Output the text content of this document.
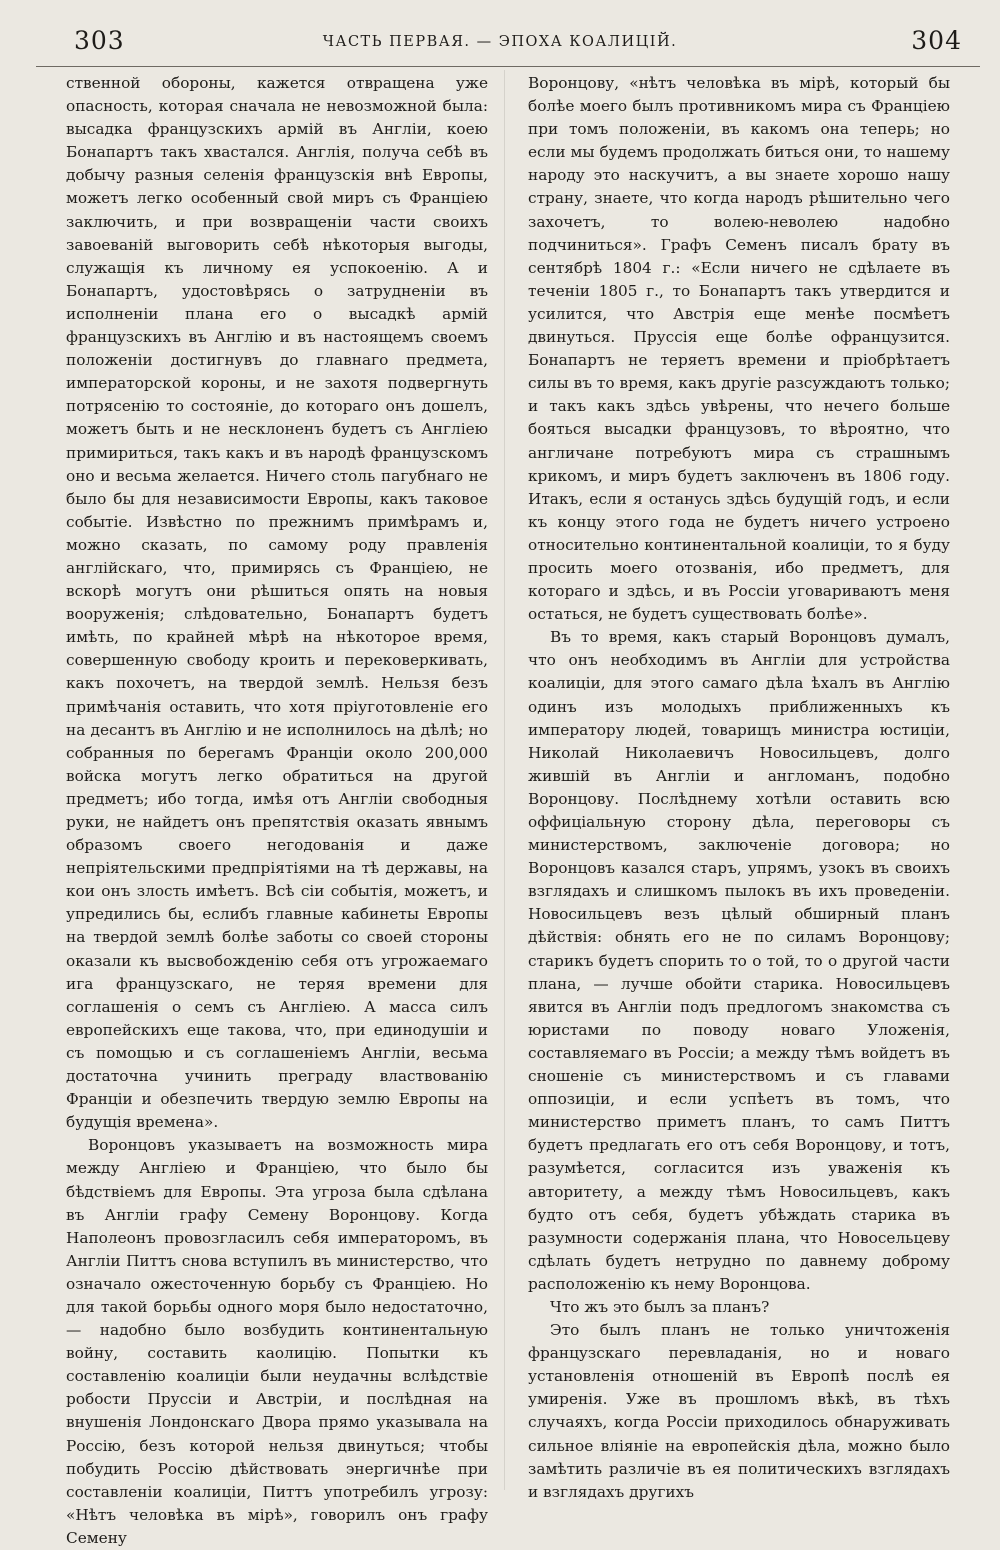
303	ЧАСТЬ ПЕРВАЯ. — ЭПОХА КОАЛИЦІЙ.	304

ственной обороны, кажется отвращена уже опасность, которая сначала не невозможной была: высадка французскихъ армій въ Англіи, коею Бонапартъ такъ хвастался. Англія, получа себѣ въ добычу разныя селенія французскія внѣ Европы, можетъ легко особенный свой миръ съ Франціею заключить, и при возвращеніи части своихъ завоеваній выговорить себѣ нѣкоторыя выгоды, служащія къ личному ея успокоенію. А и Бонапартъ, удостовѣрясь о затрудненіи въ исполненіи плана его о высадкѣ армій французскихъ въ Англію и въ настоящемъ своемъ положеніи достигнувъ до главнаго предмета, императорской короны, и не захотя подвергнуть потрясенію то состояніе, до котораго онъ дошелъ, можетъ быть и не несклоненъ будетъ съ Англіею примириться, такъ какъ и въ народѣ французскомъ оно и весьма желается. Ничего столь пагубнаго не было бы для независимости Европы, какъ таковое событіе. Извѣстно по прежнимъ примѣрамъ и, можно сказать, по самому роду правленія англійскаго, что, примирясь съ Франціею, не вскорѣ могутъ они рѣшиться опять на новыя вооруженія; слѣдовательно, Бонапартъ будетъ имѣть, по крайней мѣрѣ на нѣкоторое время, совершенную свободу кроить и перековеркивать, какъ похочетъ, на твердой землѣ. Нельзя безъ примѣчанія оставить, что хотя пріуготовленіе его на десантъ въ Англію и не исполнилось на дѣлѣ; но собранныя по берегамъ Франціи около 200,000 войска могутъ легко обратиться на другой предметъ; ибо тогда, имѣя отъ Англіи свободныя руки, не найдетъ онъ препятствія оказать явнымъ образомъ своего негодованія и даже непріятельскими предпріятіями на тѣ державы, на кои онъ злость имѣетъ. Всѣ сіи событія, можетъ, и упредились бы, еслибъ главные кабинеты Европы на твердой землѣ болѣе заботы со своей стороны оказали къ высвобожденію себя отъ угрожаемаго ига французскаго, не теряя времени для соглашенія о семъ съ Англіею. А масса силъ европейскихъ еще такова, что, при единодушіи и съ помощью и съ соглашеніемъ Англіи, весьма достаточна учинить преграду властвованію Франціи и обезпечить твердую землю Европы на будущія времена».

Воронцовъ указываетъ на возможность мира между Англіею и Франціею, что было бы бѣдствіемъ для Европы. Эта угроза была сдѣлана въ Англіи графу Семену Воронцову. Когда Наполеонъ провозгласилъ себя императоромъ, въ Англіи Питтъ снова вступилъ въ министерство, что означало ожесточенную борьбу съ Франціею. Но для такой борьбы одного моря было недостаточно, — надобно было возбудить континентальную войну, составить каолицію. Попытки къ составленію коалиціи были неудачны вслѣдствіе робости Пруссіи и Австріи, и послѣдная на внушенія Лондонскаго Двора прямо указывала на Россію, безъ которой нельзя двинуться; чтобы побудить Россію дѣйствовать энергичнѣе при составленіи коалиціи, Питтъ употребилъ угрозу: «Нѣтъ человѣка въ мірѣ», говорилъ онъ графу Семену

Воронцову, «нѣтъ человѣка въ мірѣ, который бы болѣе моего былъ противникомъ мира съ Франціею при томъ положеніи, въ какомъ она теперь; но если мы будемъ продолжать биться они, то нашему народу это наскучитъ, а вы знаете хорошо нашу страну, знаете, что когда народъ рѣшительно чего захочетъ, то волею-неволею надобно подчиниться». Графъ Семенъ писалъ брату въ сентябрѣ 1804 г.: «Если ничего не сдѣлаете въ теченіи 1805 г., то Бонапартъ такъ утвердится и усилится, что Австрія еще менѣе посмѣетъ двинуться. Пруссія еще болѣе офранцузится. Бонапартъ не теряетъ времени и пріобрѣтаетъ силы въ то время, какъ другіе разсуждаютъ только; и такъ какъ здѣсь увѣрены, что нечего больше бояться высадки французовъ, то вѣроятно, что англичане потребуютъ мира съ страшнымъ крикомъ, и миръ будетъ заключенъ въ 1806 году. Итакъ, если я останусь здѣсь будущій годъ, и если къ концу этого года не будетъ ничего устроено относительно континентальной коалиціи, то я буду просить моего отозванія, ибо предметъ, для котораго и здѣсь, и въ Россіи уговариваютъ меня остаться, не будетъ существовать болѣе».

Въ то время, какъ старый Воронцовъ думалъ, что онъ необходимъ въ Англіи для устройства коалиціи, для этого самаго дѣла ѣхалъ въ Англію одинъ изъ молодыхъ приближенныхъ къ императору людей, товарищъ министра юстиціи, Николай Николаевичъ Новосильцевъ, долго жившій въ Англіи и англоманъ, подобно Воронцову. Послѣднему хотѣли оставить всю оффиціальную сторону дѣла, переговоры съ министерствомъ, заключеніе договора; но Воронцовъ казался старъ, упрямъ, узокъ въ своихъ взглядахъ и слишкомъ пылокъ въ ихъ проведеніи. Новосильцевъ везъ цѣлый обширный планъ дѣйствія: обнять его не по силамъ Воронцову; старикъ будетъ спорить то о той, то о другой части плана, — лучше обойти старика. Новосильцевъ явится въ Англіи подъ предлогомъ знакомства съ юристами по поводу новаго Уложенія, составляемаго въ Россіи; а между тѣмъ войдетъ въ сношеніе съ министерствомъ и съ главами оппозиціи, и если успѣетъ въ томъ, что министерство приметъ планъ, то самъ Питтъ будетъ предлагать его отъ себя Воронцову, и тотъ, разумѣется, согласится изъ уваженія къ авторитету, а между тѣмъ Новосильцевъ, какъ будто отъ себя, будетъ убѣждать старика въ разумности содержанія плана, что Новосельцеву сдѣлать будетъ нетрудно по давнему доброму расположенію къ нему Воронцова.

Что жъ это былъ за планъ?

Это былъ планъ не только уничтоженія французскаго перевладанія, но и новаго установленія отношеній въ Европѣ послѣ ея умиренія. Уже въ прошломъ вѣкѣ, въ тѣхъ случаяхъ, когда Россіи приходилось обнаруживать сильное вліяніе на европейскія дѣла, можно было замѣтить различіе въ ея политическихъ взглядахъ и взглядахъ другихъ
